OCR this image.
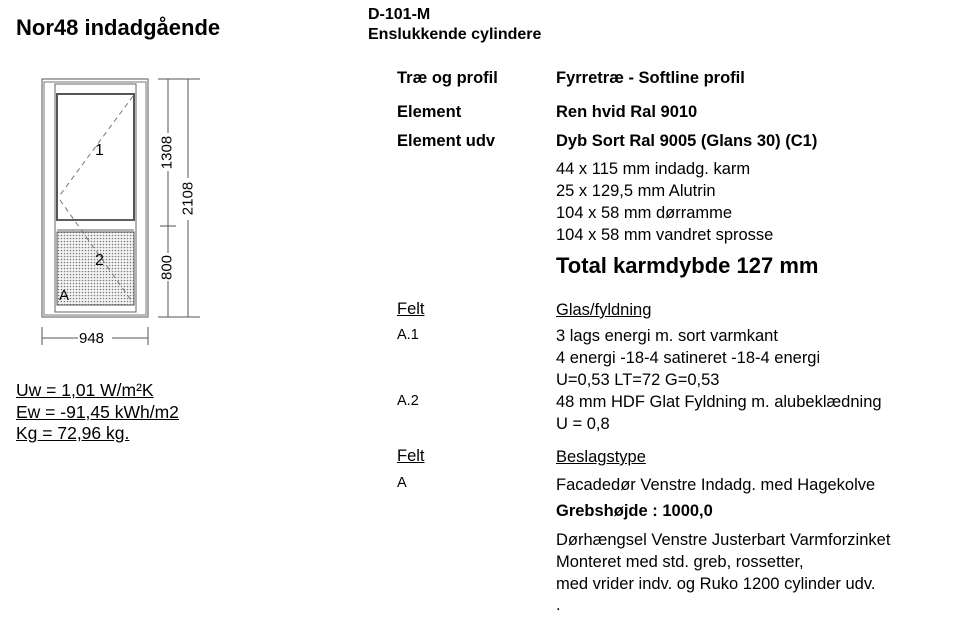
Nor48 indadgående
D-101-M
Enslukkende cylindere
1
2
A
948
1308
800
2108
Uw = 1,01 W/m²K
Ew = -91,45 kWh/m2
Kg = 72,96 kg.
Træ og profil	Fyrretræ - Softline profil
Element	Ren hvid Ral 9010
Element udv	Dyb Sort Ral 9005 (Glans 30) (C1)
44 x 115 mm indadg. karm
25 x 129,5 mm Alutrin
104 x 58 mm dørramme
104 x 58 mm vandret sprosse
Total karmdybde 127 mm
Felt	Glas/fyldning
A.1	3 lags energi m. sort varmkant
4 energi -18-4 satineret -18-4 energi
U=0,53 LT=72 G=0,53
A.2	48 mm HDF Glat Fyldning m. alubeklædning
U = 0,8
Felt	Beslagstype
A	Facadedør Venstre Indadg. med Hagekolve
Grebshøjde : 1000,0
Dørhængsel Venstre Justerbart Varmforzinket
Monteret med std. greb, rossetter,
med vrider indv. og Ruko 1200 cylinder udv.
.
